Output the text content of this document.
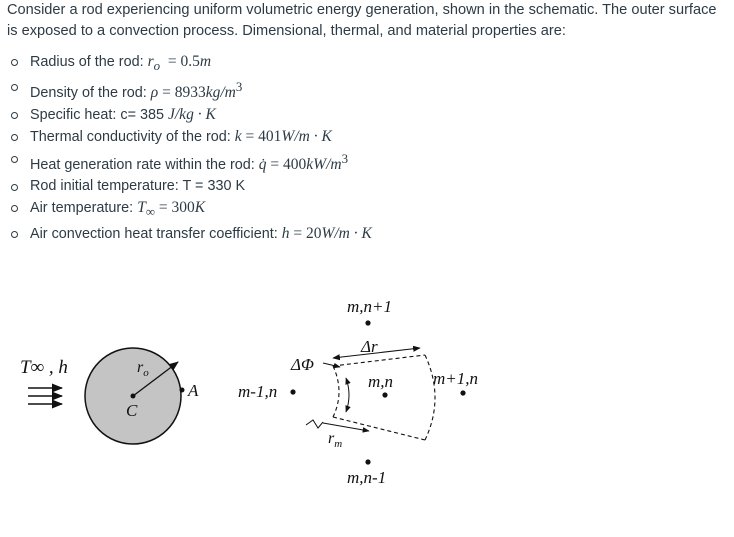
Consider a rod experiencing uniform volumetric energy generation, shown in the schematic. The outer surface is exposed to a convection process. Dimensional, thermal, and material properties are:

Radius of the rod: $r_o = 0.5m$
Density of the rod: $\rho = 8933kg/m^3$
Specific heat: c= 385 J/kg · K
Thermal conductivity of the rod: k = 401W/m · K
Heat generation rate within the rod: q̇ = $400kW/m^3$
Rod initial temperature: T = 330 K
Air temperature: $T_\infty = 300K$
Air convection heat transfer coefficient: h = 20W/m · K
T∞ , h	$r_o$
C
A
m,n+1
Δr
ΔΦ
m-1,n
m,n m+1,n
$r_m$
m,n-1
